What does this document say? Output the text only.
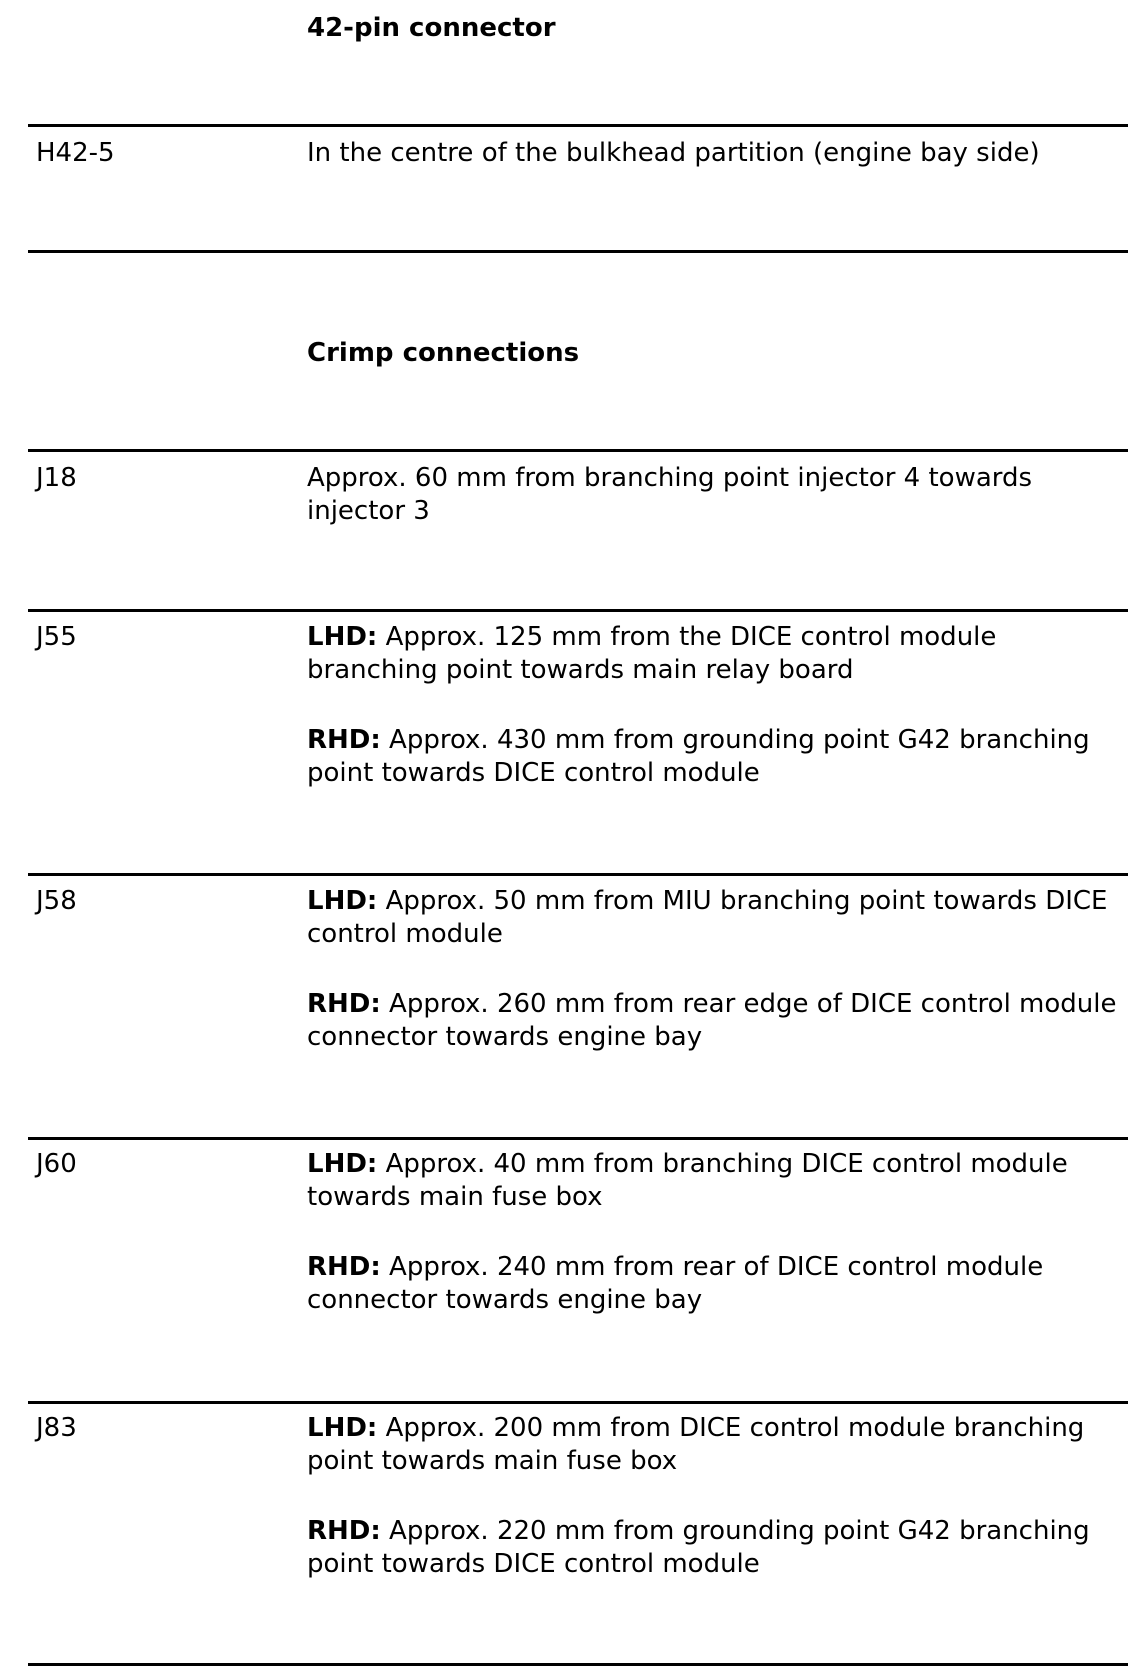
42-pin connector
H42-5	In the centre of the bulkhead partition (engine bay side)
Crimp connections
J18	Approx. 60 mm from branching point injector 4 towards injector 3
J55	LHD: Approx. 125 mm from the DICE control module branching point towards main relay board

RHD: Approx. 430 mm from grounding point G42 branching point towards DICE control module

J58	LHD: Approx. 50 mm from MIU branching point towards DICE control module

RHD: Approx. 260 mm from rear edge of DICE control module connector towards engine bay

J60	LHD: Approx. 40 mm from branching DICE control module towards main fuse box

RHD: Approx. 240 mm from rear of DICE control module connector towards engine bay

J83	LHD: Approx. 200 mm from DICE control module branching point towards main fuse box

RHD: Approx. 220 mm from grounding point G42 branching point towards DICE control module
